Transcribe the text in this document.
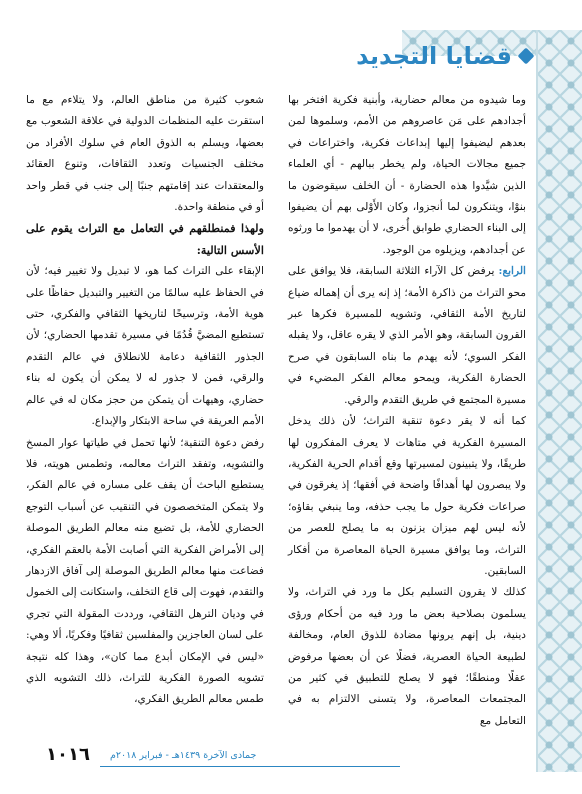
قضايا التجديد

وما شيدوه من معالم حضارية، وأبنية فكرية افتخر بها أجدادهم على مَن عاصروهم من الأمم، وسلموها لمن بعدهم ليضيفوا إليها إبداعات فكرية، واختراعات في جميع مجالات الحياة، ولم يخطر ببالهم - أي العلماء الذين شيَّدوا هذه الحضارة - أن الخلف سيقوضون ما بنوْا، ويتنكرون لما أنجزوا، وكان الأَوْلى بهم أن يضيفوا إلى البناء الحضاري طوابق أُخرى، لا أن يهدموا ما ورثوه عن أجدادهم، ويزيلوه من الوجود.

الرابع: يرفض كل الآراء الثلاثة السابقة، فلا يوافق على محو التراث من ذاكرة الأمة؛ إذ إنه يرى أن إهماله ضياع لتاريخ الأمة الثقافي، وتشويه للمسيرة فكرها عبر القرون السابقة، وهو الأمر الذي لا يقره عاقل، ولا يقبله الفكر السوي؛ لأنه يهدم ما بناه السابقون في صرح الحضارة الفكرية، ويمحو معالم الفكر المضيء في مسيرة المجتمع في طريق التقدم والرقي.

كما أنه لا يقر دعوة تنقية التراث؛ لأن ذلك يدخل المسيرة الفكرية في متاهات لا يعرف المفكرون لها طريقًا، ولا يتبينون لمسيرتها وقع أقدام الحرية الفكرية، ولا يبصرون لها أهدافًا واضحة في أفقها؛ إذ يغرقون في صراعات فكرية حول ما يجب حذفه، وما ينبغي بقاؤه؛ لأنه ليس لهم ميزان يزنون به ما يصلح للعصر من التراث، وما يوافق مسيرة الحياة المعاصرة من أفكار السابقين.

كذلك لا يقرون التسليم بكل ما ورد في التراث، ولا يسلمون بصلاحية بعض ما ورد فيه من أحكام ورؤى دينية، بل إنهم يرونها مضادة للذوق العام، ومخالفة لطبيعة الحياة العصرية، فضلًا عن أن بعضها مرفوض عقلًا ومنطقًا؛ فهو لا يصلح للتطبيق في كثير من المجتمعات المعاصرة، ولا يتسنى الالتزام به في التعامل مع

شعوب كثيرة من مناطق العالم، ولا يتلاءم مع ما استقرت عليه المنظمات الدولية في علاقة الشعوب مع بعضها، ويسلم به الذوق العام في سلوك الأفراد من مختلف الجنسيات وتعدد الثقافات، وتنوع العقائد والمعتقدات عند إقامتهم جنبًا إلى جنب في قطر واحد أو في منطقة واحدة.

ولهذا فمنطلقهم في التعامل مع التراث يقوم على الأسس التالية:

الإبقاء على التراث كما هو، لا تبديل ولا تغيير فيه؛ لأن في الحفاظ عليه سالمًا من التغيير والتبديل حفاظًا على هوية الأمة، وترسيخًا لتاريخها الثقافي والفكري، حتى تستطيع المضيَّ قُدُمًا في مسيرة تقدمها الحضاري؛ لأن الجذور الثقافية دعامة للانطلاق في عالم التقدم والرقي، فمن لا جذور له لا يمكن أن يكون له بناء حضاري، وهيهات أن يتمكن من حجز مكان له في عالم الأمم العريقة في ساحة الابتكار والإبداع.

رفض دعوة التنقية؛ لأنها تحمل في طياتها عوار المسخ والتشويه، وتفقد التراث معالمه، وتطمس هويته، فلا يستطيع الباحث أن يقف على مساره في عالم الفكر، ولا يتمكن المتخصصون في التنقيب عن أسباب التوجع الحضاري للأمة، بل تضيع منه معالم الطريق الموصلة إلى الأمراض الفكرية التي أصابت الأمة بالعقم الفكري، فضاعت منها معالم الطريق الموصلة إلى آفاق الازدهار والتقدم، فهوت إلى قاع التخلف، واستكانت إلى الخمول في وديان الترهل الثقافي، ورددت المقولة التي تجري على لسان العاجزين والمفلسين ثقافيًا وفكريًا، ألا وهي: «ليس في الإمكان أبدع مما كان»، وهذا كله نتيجة تشويه الصورة الفكرية للتراث، ذلك التشويه الذي طمس معالم الطريق الفكري،

١٠١٦ جمادى الآخرة ١٤٣٩هـ - فبراير ٢٠١٨م
